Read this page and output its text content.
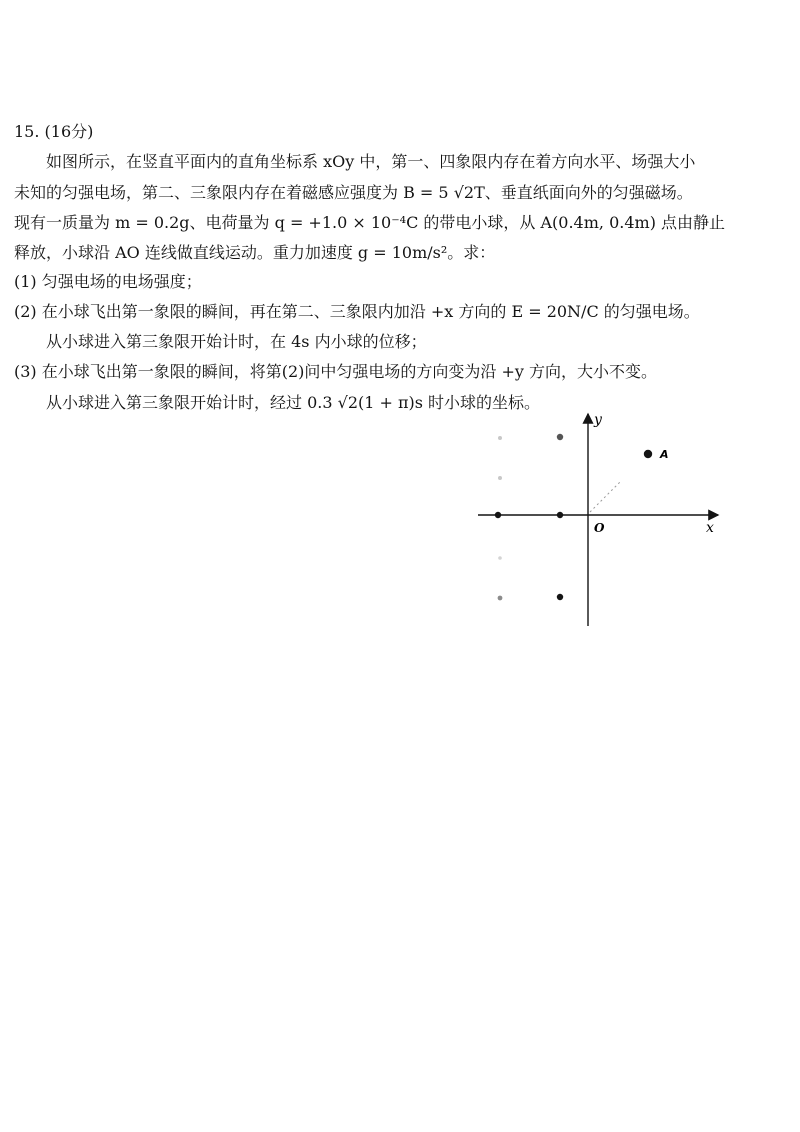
15. (16分)
如图所示，在竖直平面内的直角坐标系 xOy 中，第一、四象限内存在着方向水平、场强大小
未知的匀强电场，第二、三象限内存在着磁感应强度为 B = 5 √2T、垂直纸面向外的匀强磁场。
现有一质量为 m = 0.2g、电荷量为 q = +1.0 × 10⁻⁴C 的带电小球，从 A(0.4m, 0.4m) 点由静止
释放，小球沿 AO 连线做直线运动。重力加速度 g = 10m/s²。求：
(1) 匀强电场的电场强度；
(2) 在小球飞出第一象限的瞬间，再在第二、三象限内加沿 +x 方向的 E = 20N/C 的匀强电场。
从小球进入第三象限开始计时，在 4s 内小球的位移；
(3) 在小球飞出第一象限的瞬间，将第(2)问中匀强电场的方向变为沿 +y 方向，大小不变。
从小球进入第三象限开始计时，经过 0.3 √2(1 + π)s 时小球的坐标。
A
y
x
O
